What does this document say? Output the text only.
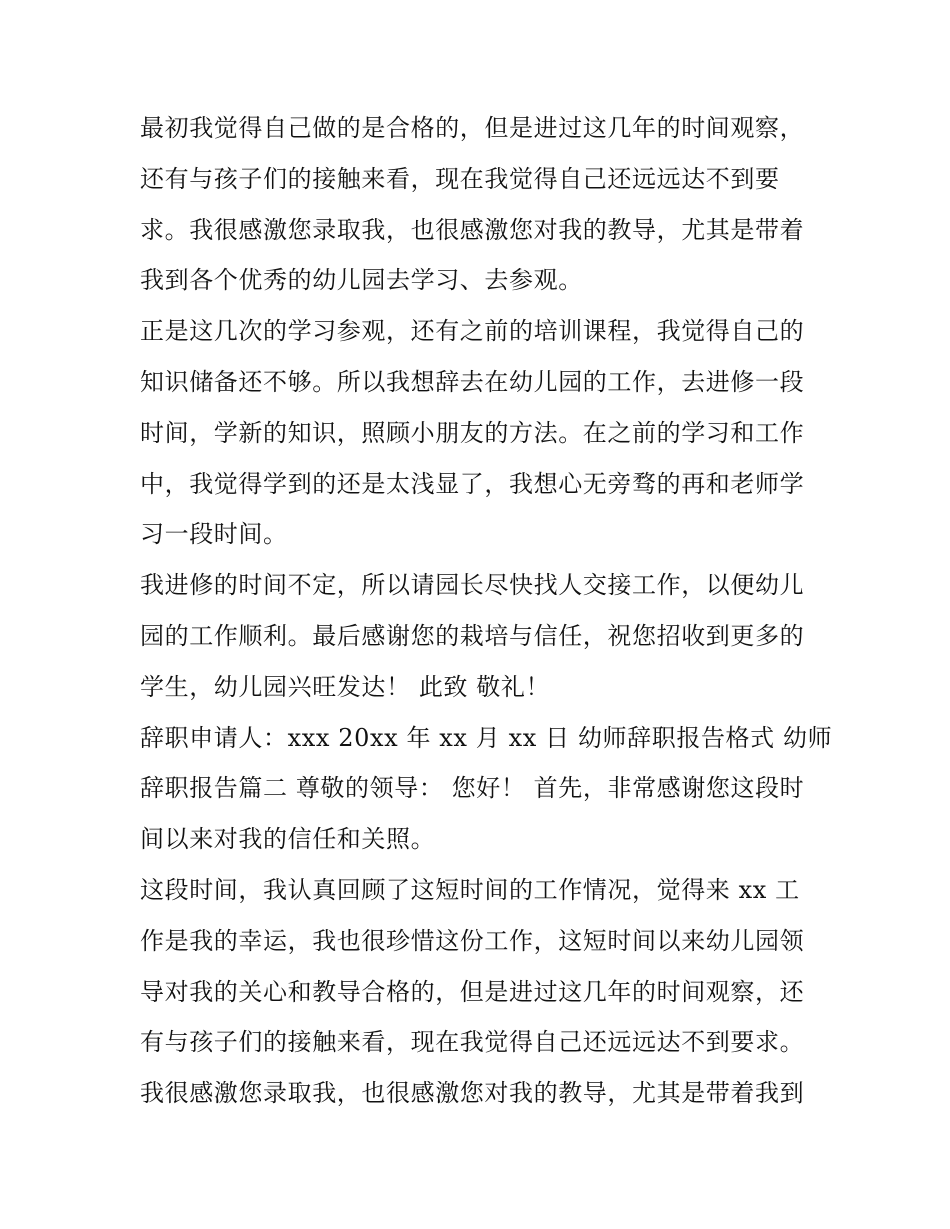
最初我觉得自己做的是合格的，但是进过这几年的时间观察，
还有与孩子们的接触来看，现在我觉得自己还远远达不到要
求。我很感激您录取我，也很感激您对我的教导，尤其是带着
我到各个优秀的幼儿园去学习、去参观。
正是这几次的学习参观，还有之前的培训课程，我觉得自己的
知识储备还不够。所以我想辞去在幼儿园的工作，去进修一段
时间，学新的知识，照顾小朋友的方法。在之前的学习和工作
中，我觉得学到的还是太浅显了，我想心无旁骛的再和老师学
习一段时间。
我进修的时间不定，所以请园长尽快找人交接工作，以便幼儿
园的工作顺利。最后感谢您的栽培与信任，祝您招收到更多的
学生，幼儿园兴旺发达！ 此致 敬礼！
辞职申请人：xxx 20xx 年 xx 月 xx 日 幼师辞职报告格式 幼师
辞职报告篇二 尊敬的领导： 您好！ 首先，非常感谢您这段时
间以来对我的信任和关照。
这段时间，我认真回顾了这短时间的工作情况，觉得来 xx 工
作是我的幸运，我也很珍惜这份工作，这短时间以来幼儿园领
导对我的关心和教导合格的，但是进过这几年的时间观察，还
有与孩子们的接触来看，现在我觉得自己还远远达不到要求。
我很感激您录取我，也很感激您对我的教导，尤其是带着我到
